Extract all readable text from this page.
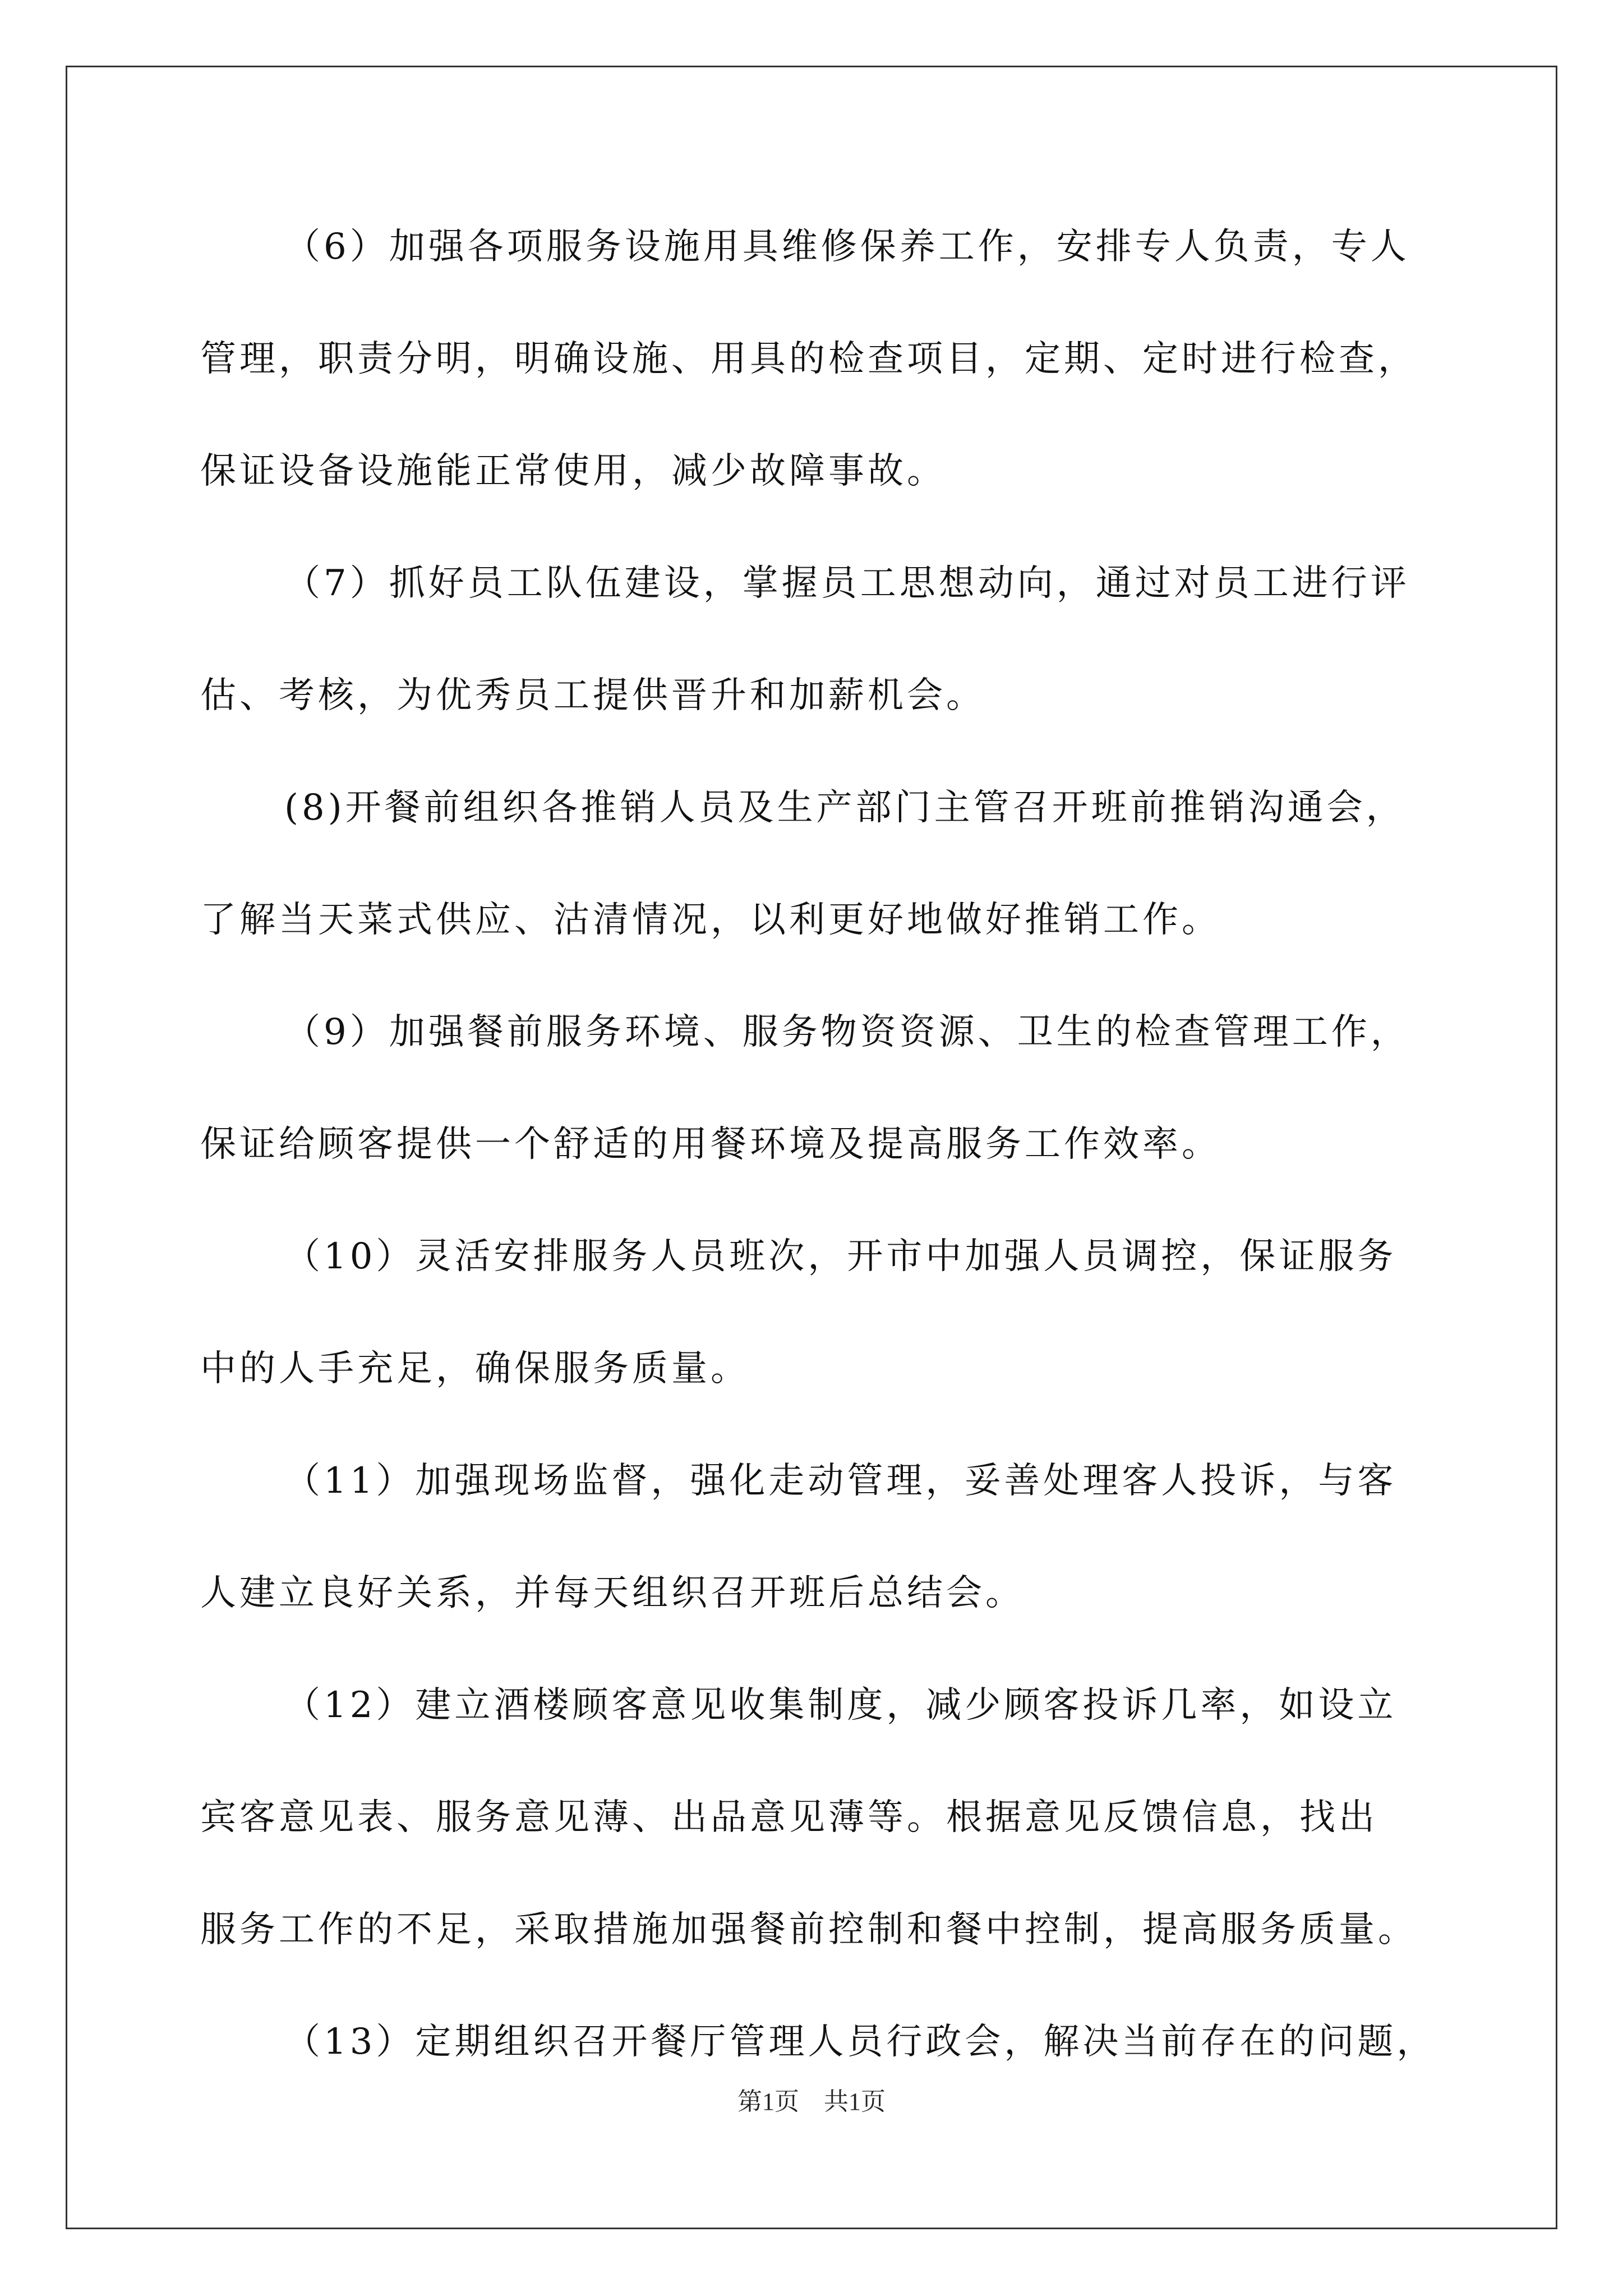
（6）加强各项服务设施用具维修保养工作，安排专人负责，专人
管理，职责分明，明确设施、用具的检查项目，定期、定时进行检查，
保证设备设施能正常使用，减少故障事故。
（7）抓好员工队伍建设，掌握员工思想动向，通过对员工进行评
估、考核，为优秀员工提供晋升和加薪机会。
(8)开餐前组织各推销人员及生产部门主管召开班前推销沟通会，
了解当天菜式供应、沽清情况，以利更好地做好推销工作。
（9）加强餐前服务环境、服务物资资源、卫生的检查管理工作，
保证给顾客提供一个舒适的用餐环境及提高服务工作效率。
（10）灵活安排服务人员班次，开市中加强人员调控，保证服务
中的人手充足，确保服务质量。
（11）加强现场监督，强化走动管理，妥善处理客人投诉，与客
人建立良好关系，并每天组织召开班后总结会。
（12）建立酒楼顾客意见收集制度，减少顾客投诉几率，如设立
宾客意见表、服务意见薄、出品意见薄等。根据意见反馈信息，找出
服务工作的不足，采取措施加强餐前控制和餐中控制，提高服务质量。
（13）定期组织召开餐厅管理人员行政会，解决当前存在的问题，
第1页　共1页
